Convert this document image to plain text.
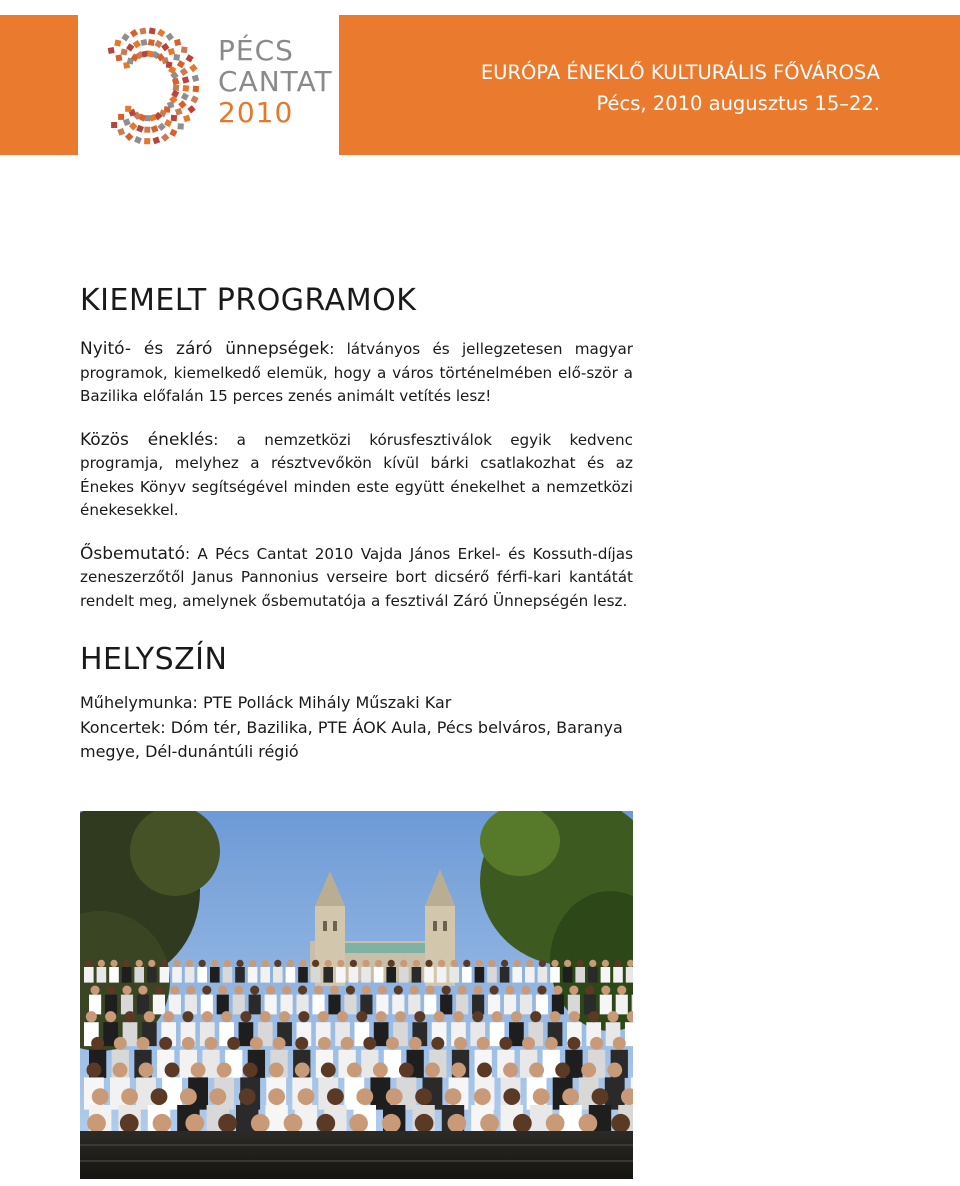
PÉCS
CANTAT
2010
EURÓPA ÉNEKLŐ KULTURÁLIS FŐVÁROSA
Pécs, 2010 augusztus 15–22.
KIEMELT PROGRAMOK

Nyitó- és záró ünnepségek: látványos és jellegzetesen magyar programok, kiemelkedő elemük, hogy a város történelmében elő-ször a Bazilika előfalán 15 perces zenés animált vetítés lesz!

Közös éneklés: a nemzetközi kórusfesztiválok egyik kedvenc programja, melyhez a résztvevőkön kívül bárki csatlakozhat és az Énekes Könyv segítségével minden este együtt énekelhet a nemzetközi énekesekkel.

Ősbemutató: A Pécs Cantat 2010 Vajda János Erkel- és Kossuth-díjas zeneszerzőtől Janus Pannonius verseire bort dicsérő férfi-kari kantátát rendelt meg, amelynek ősbemutatója a fesztivál Záró Ünnepségén lesz.

HELYSZÍN

Műhelymunka: PTE Polláck Mihály Műszaki Kar

Koncertek: Dóm tér, Bazilika, PTE ÁOK Aula, Pécs belváros, Baranya megye, Dél-dunántúli régió
